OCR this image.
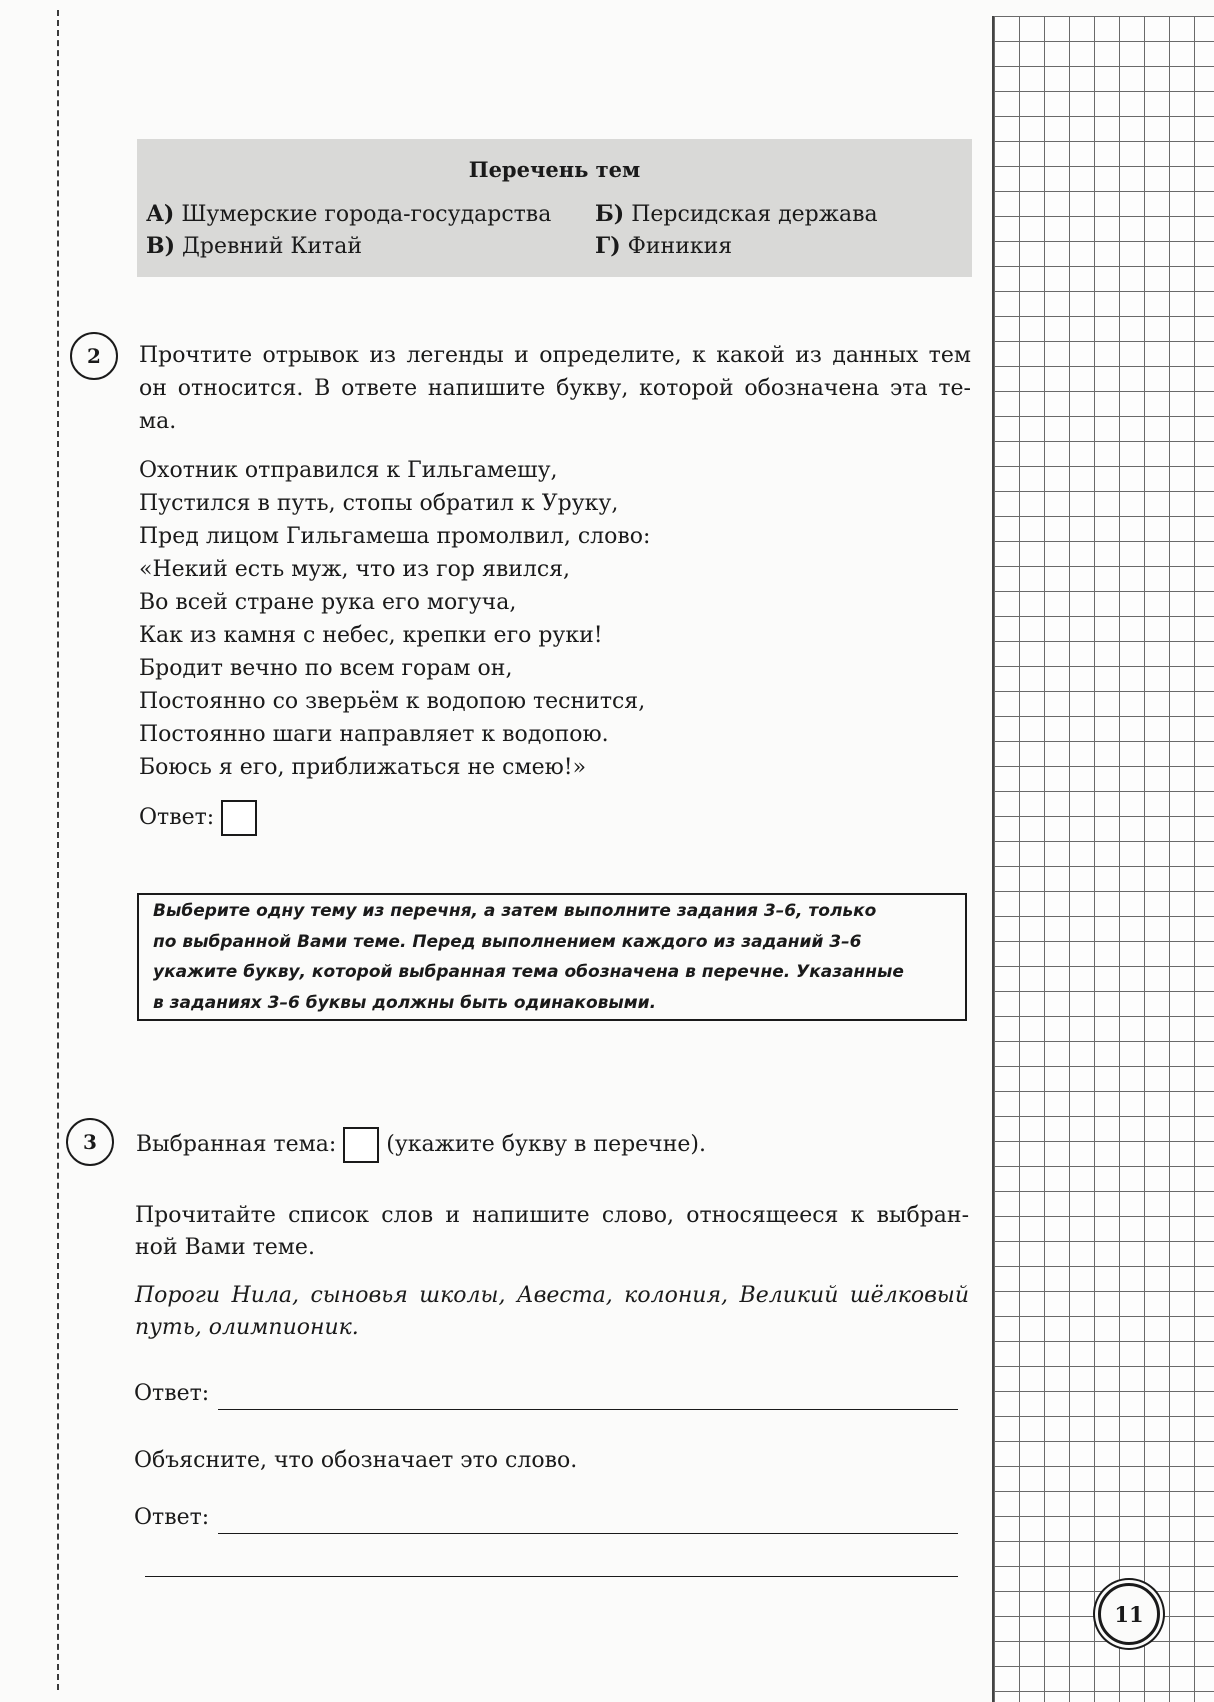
Перечень тем
А) Шумерские города-государства Б) Персидская держава
В) Древний Китай	Г) Финикия
2	Прочтите отрывок из легенды и определите, к какой из данных тем
он относится. В ответе напишите букву, которой обозначена эта те-
ма.
Охотник отправился к Гильгамешу,
Пустился в путь, стопы обратил к Уруку,
Пред лицом Гильгамеша промолвил, слово:
«Некий есть муж, что из гор явился,
Во всей стране рука его могуча,
Как из камня с небес, крепки его руки!
Бродит вечно по всем горам он,
Постоянно со зверьём к водопою теснится,
Постоянно шаги направляет к водопою.
Боюсь я его, приближаться не смею!»
Ответ:
Выберите одну тему из перечня, а затем выполните задания 3–6, только
по выбранной Вами теме. Перед выполнением каждого из заданий 3–6
укажите букву, которой выбранная тема обозначена в перечне. Указанные
в заданиях 3–6 буквы должны быть одинаковыми.
3	Выбранная тема: (укажите букву в перечне).
Прочитайте список слов и напишите слово, относящееся к выбран-
ной Вами теме.
Пороги Нила, сыновья школы, Авеста, колония, Великий шёлковый
путь, олимпионик.
Ответ:
Объясните, что обозначает это слово.
Ответ:
11
